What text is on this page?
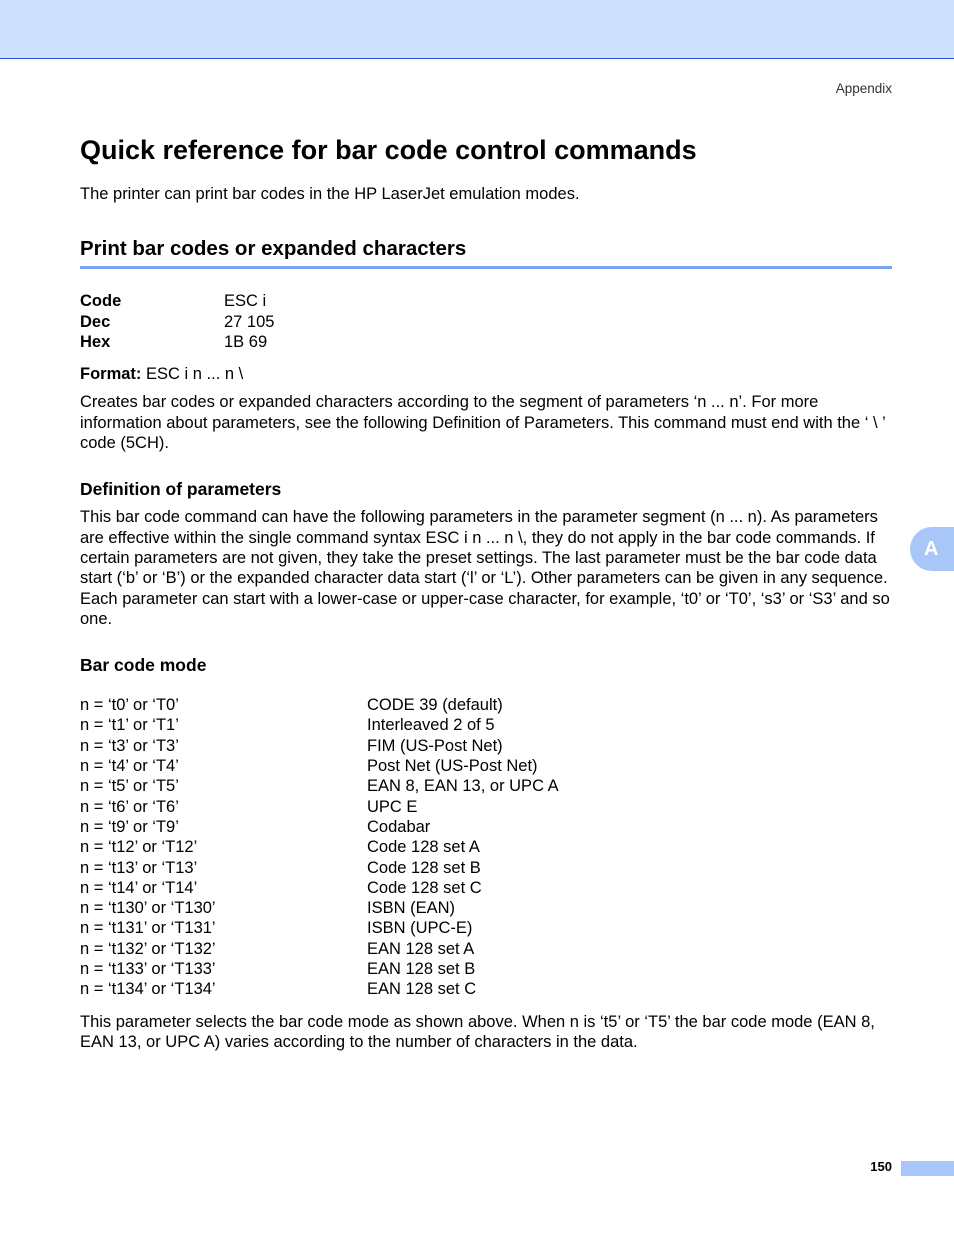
Appendix
Quick reference for bar code control commands

The printer can print bar codes in the HP LaserJet emulation modes.

Print bar codes or expanded characters
Code	ESC i
Dec	27 105
Hex	1B 69

Format: ESC i n ... n \

Creates bar codes or expanded characters according to the segment of parameters ‘n ... n’. For more information about parameters, see the following Definition of Parameters. This command must end with the ‘ \ ’ code (5CH).

Definition of parameters

This bar code command can have the following parameters in the parameter segment (n ... n). As parameters are effective within the single command syntax ESC i n ... n \, they do not apply in the bar code commands. If certain parameters are not given, they take the preset settings. The last parameter must be the bar code data start (‘b’ or ‘B’) or the expanded character data start (‘l’ or ‘L’). Other parameters can be given in any sequence. Each parameter can start with a lower-case or upper-case character, for example, ‘t0’ or ‘T0’, ‘s3’ or ‘S3’ and so one.

Bar code mode
n = ‘t0’ or ‘T0’	CODE 39 (default)
n = ‘t1’ or ‘T1’	Interleaved 2 of 5
n = ‘t3’ or ‘T3’	FIM (US-Post Net)
n = ‘t4’ or ‘T4’	Post Net (US-Post Net)
n = ‘t5’ or ‘T5’	EAN 8, EAN 13, or UPC A
n = ‘t6’ or ‘T6’	UPC E
n = ‘t9’ or ‘T9’	Codabar
n = ‘t12’ or ‘T12’	Code 128 set A
n = ‘t13’ or ‘T13’	Code 128 set B
n = ‘t14’ or ‘T14’	Code 128 set C
n = ‘t130’ or ‘T130’	ISBN (EAN)
n = ‘t131’ or ‘T131’	ISBN (UPC-E)
n = ‘t132’ or ‘T132’	EAN 128 set A
n = ‘t133’ or ‘T133’	EAN 128 set B
n = ‘t134’ or ‘T134’	EAN 128 set C

This parameter selects the bar code mode as shown above. When n is ‘t5’ or ‘T5’ the bar code mode (EAN 8, EAN 13, or UPC A) varies according to the number of characters in the data.

A
150
